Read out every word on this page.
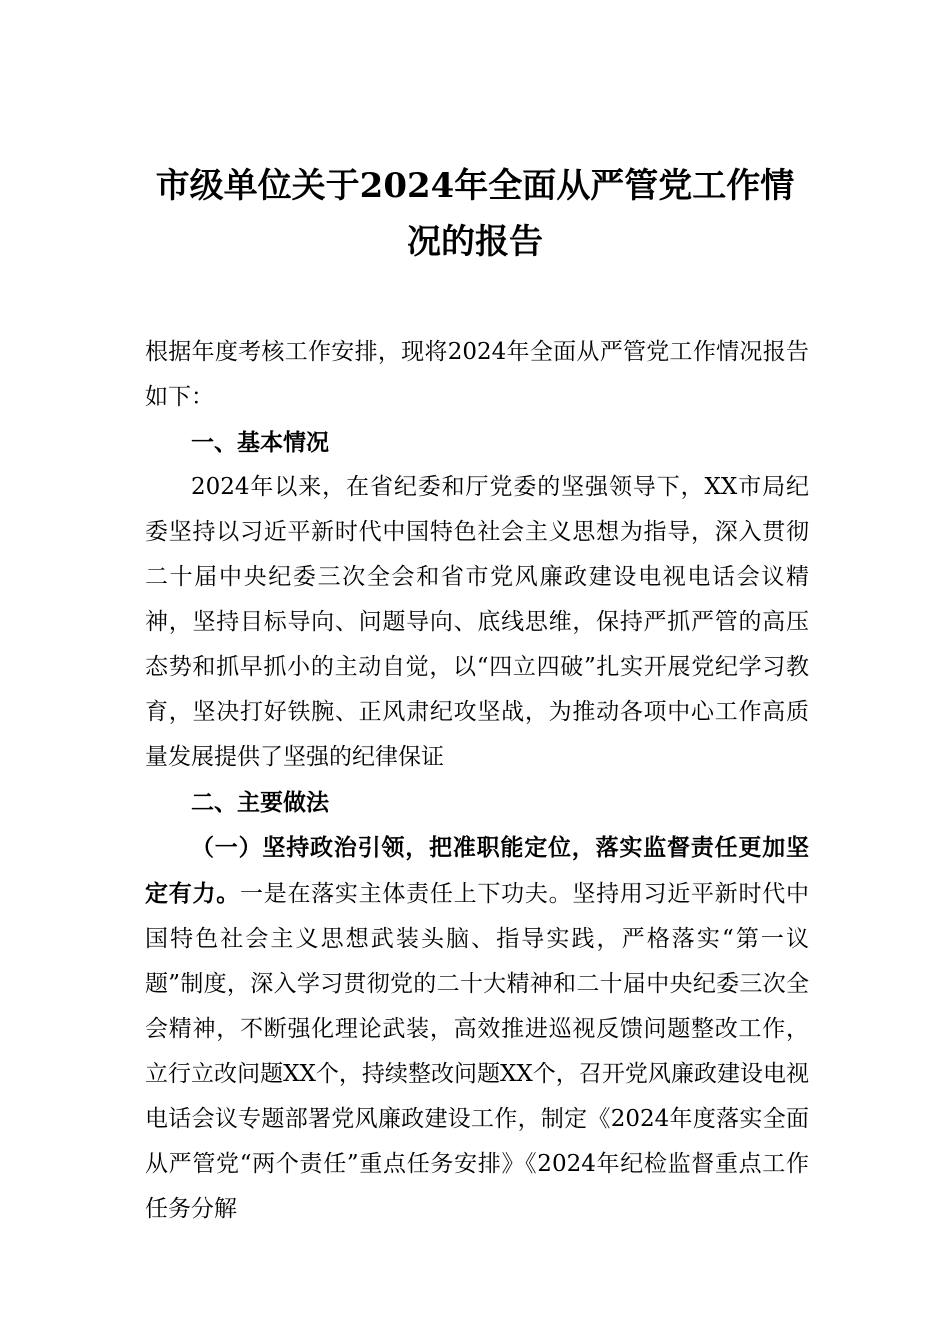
市级单位关于2024年全面从严管党工作情况的报告

根据年度考核工作安排，现将2024年全面从严管党工作情况报告如下：

一、基本情况

2024年以来，在省纪委和厅党委的坚强领导下，XX市局纪委坚持以习近平新时代中国特色社会主义思想为指导，深入贯彻二十届中央纪委三次全会和省市党风廉政建设电视电话会议精神，坚持目标导向、问题导向、底线思维，保持严抓严管的高压态势和抓早抓小的主动自觉，以“四立四破”扎实开展党纪学习教育，坚决打好铁腕、正风肃纪攻坚战，为推动各项中心工作高质量发展提供了坚强的纪律保证

二、主要做法

（一）坚持政治引领，把准职能定位，落实监督责任更加坚定有力。一是在落实主体责任上下功夫。坚持用习近平新时代中国特色社会主义思想武装头脑、指导实践，严格落实“第一议题”制度，深入学习贯彻党的二十大精神和二十届中央纪委三次全会精神，不断强化理论武装，高效推进巡视反馈问题整改工作，立行立改问题XX个，持续整改问题XX个，召开党风廉政建设电视电话会议专题部署党风廉政建设工作，制定《2024年度落实全面从严管党“两个责任”重点任务安排》《2024年纪检监督重点工作任务分解
